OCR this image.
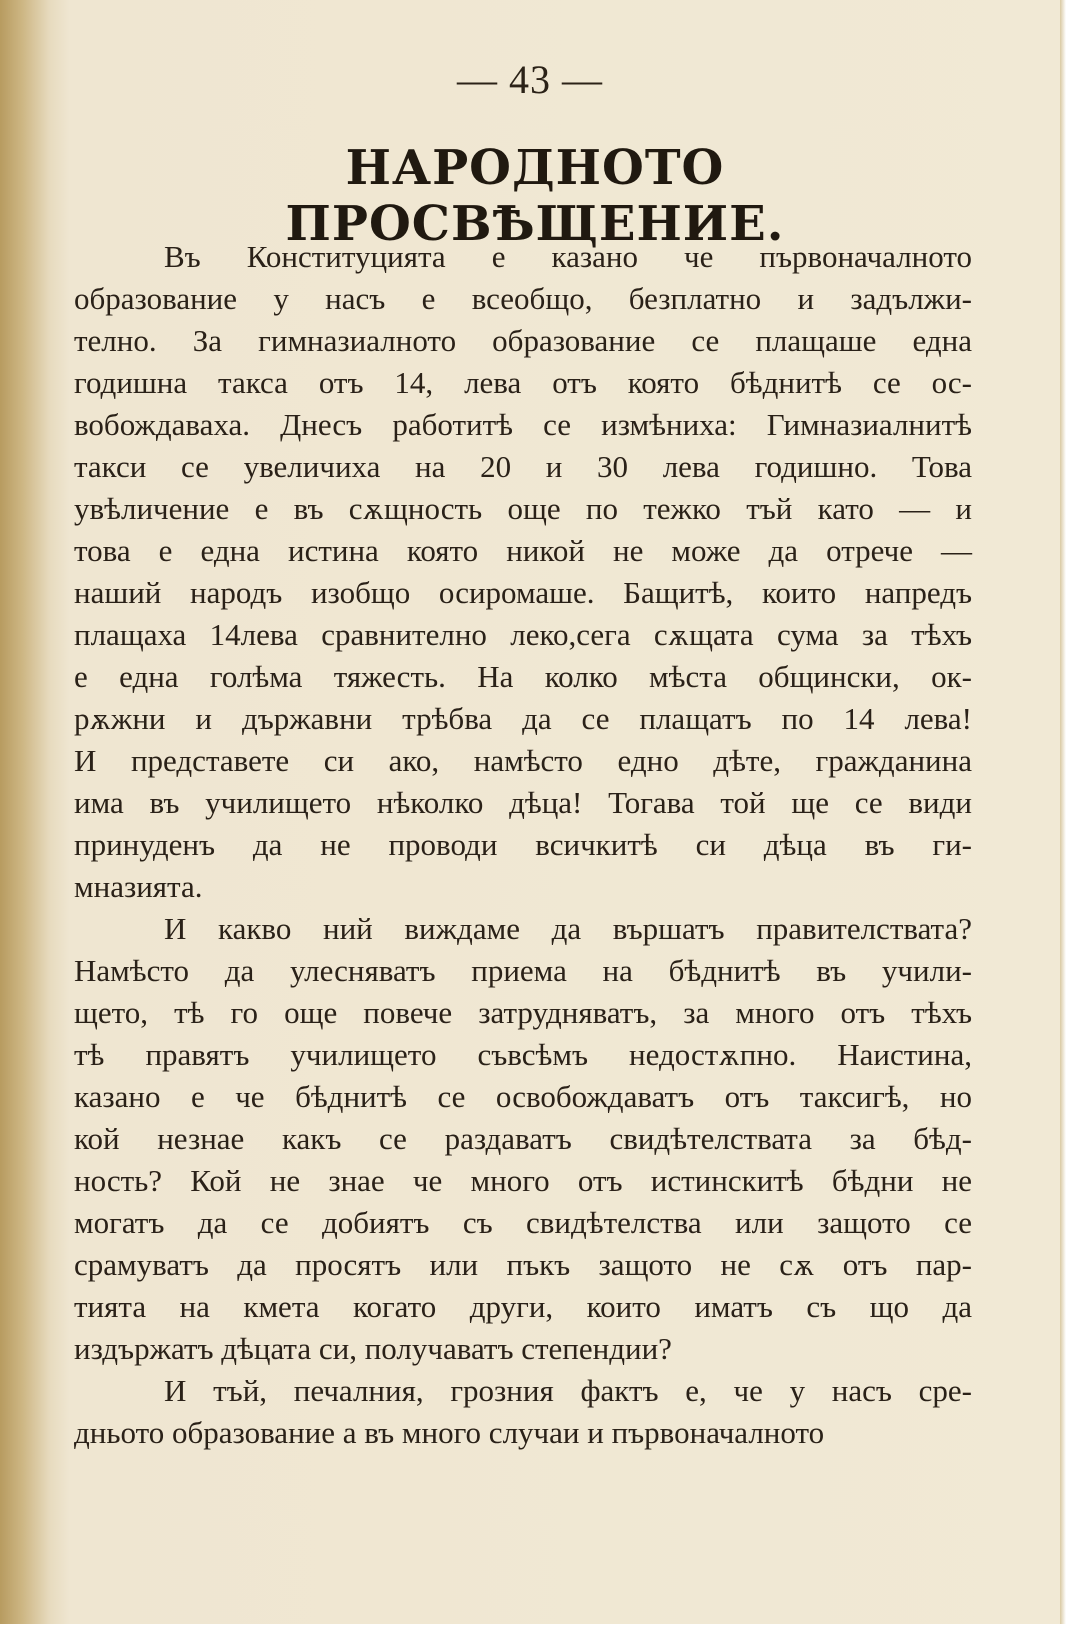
— 43 —
НАРОДНОТО ПРОСВѢЩЕНИЕ.
Въ Конституцията е казано че първоначалното
образование у насъ е всеобщо, безплатно и задължи-
телно. За гимназиалното образование се плащаше една
годишна такса отъ 14, лева отъ която бѣднитѣ се ос-
вобождаваха. Днесъ работитѣ се измѣниха: Гимназиалнитѣ
такси се увеличиха на 20 и 30 лева годишно. Това
увѣличение е въ сѫщность още по тежко тъй като — и
това е една истина която никой не може да отрече —
наший народъ изобщо осиромаше. Бащитѣ, които напредъ
плащаха 14лева сравнително леко,сега сѫщата сума за тѣхъ
е една голѣма тяжесть. На колко мѣста общински, ок-
рѫжни и държавни трѣбва да се плащатъ по 14 лева!
И представете си ако, намѣсто едно дѣте, гражданина
има въ училището нѣколко дѣца! Тогава той ще се види
принуденъ да не проводи всичкитѣ си дѣца въ ги-
мназията.
И какво ний виждаме да вършатъ правителствата?
Намѣсто да улесняватъ приема на бѣднитѣ въ учили-
щето, тѣ го още повече затрудняватъ, за много отъ тѣхъ
тѣ правятъ училището съвсѣмъ недостѫпно. Наистина,
казано е че бѣднитѣ се освобождаватъ отъ таксигѣ, но
кой незнае какъ се раздаватъ свидѣтелствата за бѣд-
ность? Кой не знае че много отъ истинскитѣ бѣдни не
могатъ да се добиятъ съ свидѣтелства или защото се
срамуватъ да просятъ или пъкъ защото не сѫ отъ пар-
тията на кмета когато други, които иматъ съ що да
издържатъ дѣцата си, получаватъ степендии?
И тъй, печалния, грозния фактъ е, че у насъ сре-
дньото образование а въ много случаи и първоначалното
